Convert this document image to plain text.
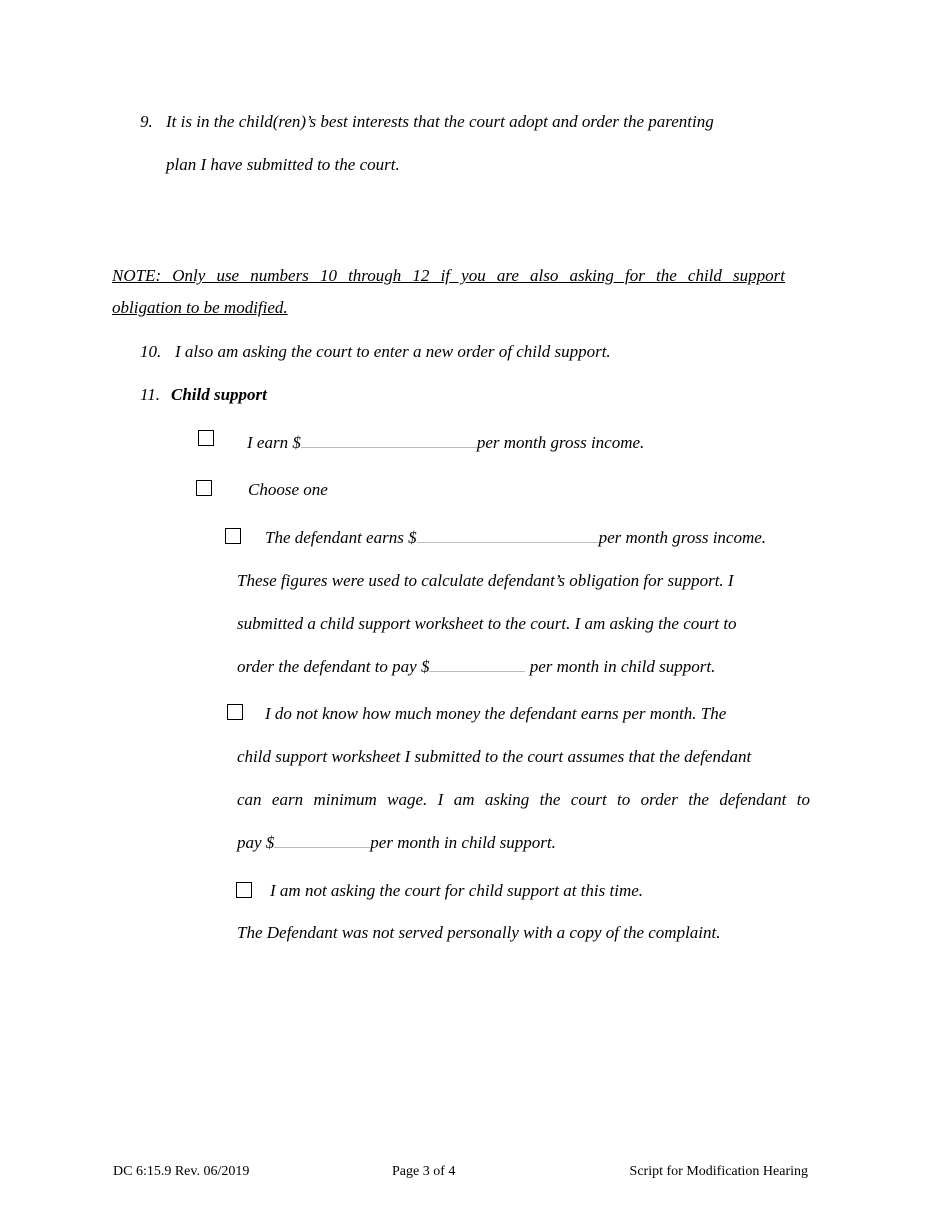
9. It is in the child(ren)’s best interests that the court adopt and order the parenting
plan I have submitted to the court.
NOTE: Only use numbers 10 through 12 if you are also asking for the child support
obligation to be modified.
10. I also am asking the court to enter a new order of child support.
11. Child support
I earn $	per month gross income.
Choose one
The defendant earns $	per month gross income.
These figures were used to calculate defendant’s obligation for support. I
submitted a child support worksheet to the court. I am asking the court to
order the defendant to pay $	per month in child support.
I do not know how much money the defendant earns per month. The
child support worksheet I submitted to the court assumes that the defendant
can earn minimum wage. I am asking the court to order the defendant to
pay $	per month in child support.
I am not asking the court for child support at this time.
The Defendant was not served personally with a copy of the complaint.
DC 6:15.9 Rev. 06/2019	Page 3 of 4	Script for Modification Hearing
